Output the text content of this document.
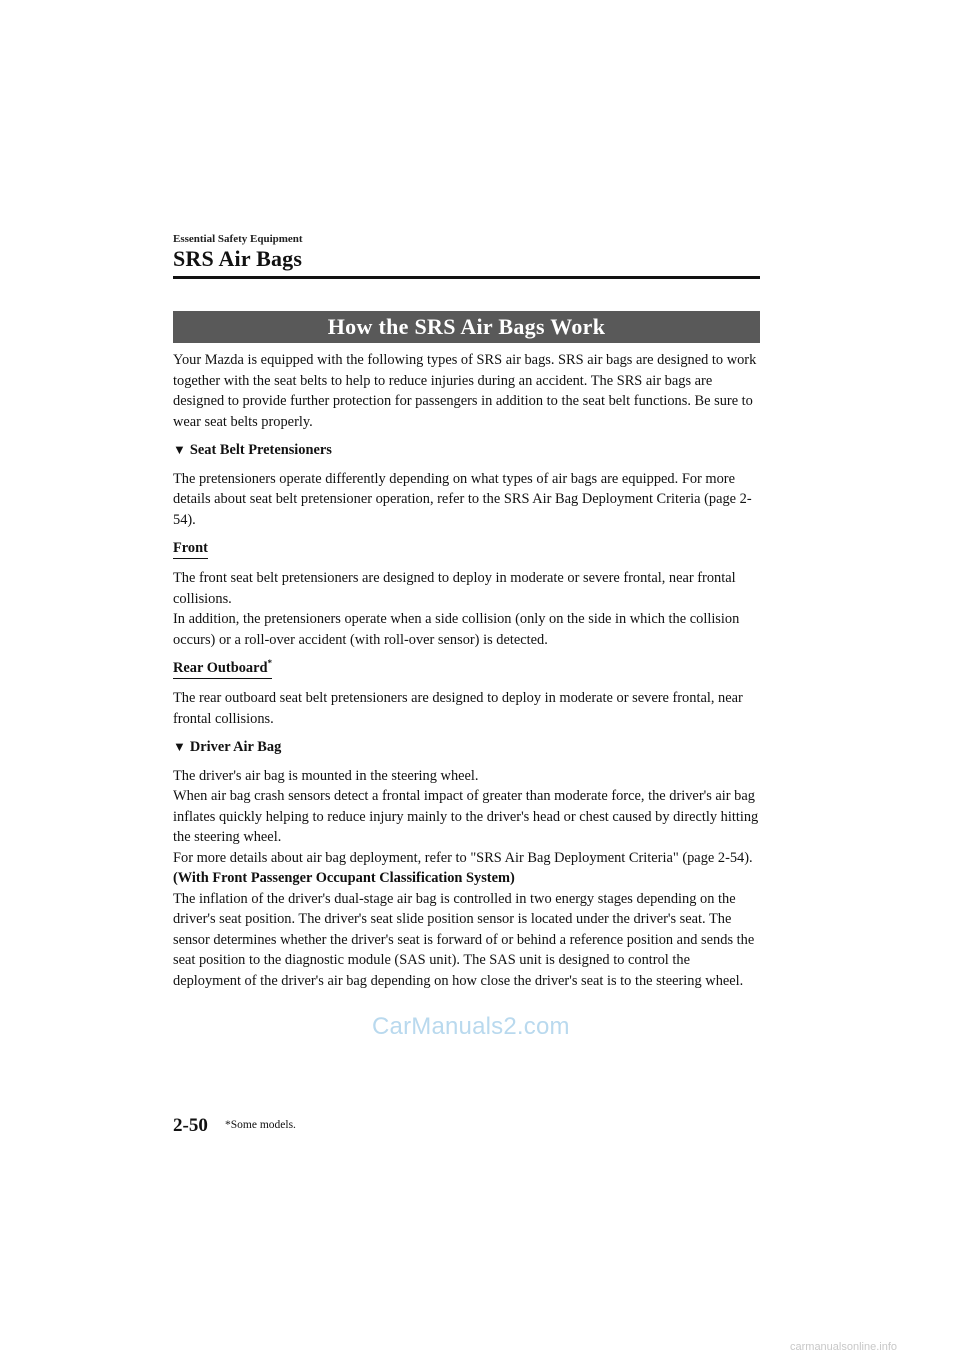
Essential Safety Equipment
SRS Air Bags
How the SRS Air Bags Work

Your Mazda is equipped with the following types of SRS air bags. SRS air bags are designed to work together with the seat belts to help to reduce injuries during an accident. The SRS air bags are designed to provide further protection for passengers in addition to the seat belt functions. Be sure to wear seat belts properly.

▼ Seat Belt Pretensioners

The pretensioners operate differently depending on what types of air bags are equipped. For more details about seat belt pretensioner operation, refer to the SRS Air Bag Deployment Criteria (page 2-54).

Front

The front seat belt pretensioners are designed to deploy in moderate or severe frontal, near frontal collisions.
In addition, the pretensioners operate when a side collision (only on the side in which the collision occurs) or a roll-over accident (with roll-over sensor) is detected.

Rear Outboard*

The rear outboard seat belt pretensioners are designed to deploy in moderate or severe frontal, near frontal collisions.

▼ Driver Air Bag

The driver's air bag is mounted in the steering wheel.
When air bag crash sensors detect a frontal impact of greater than moderate force, the driver's air bag inflates quickly helping to reduce injury mainly to the driver's head or chest caused by directly hitting the steering wheel.
For more details about air bag deployment, refer to "SRS Air Bag Deployment Criteria" (page 2-54).
(With Front Passenger Occupant Classification System)
The inflation of the driver's dual-stage air bag is controlled in two energy stages depending on the driver's seat position. The driver's seat slide position sensor is located under the driver's seat. The sensor determines whether the driver's seat is forward of or behind a reference position and sends the seat position to the diagnostic module (SAS unit). The SAS unit is designed to control the deployment of the driver's air bag depending on how close the driver's seat is to the steering wheel.

CarManuals2.com
2-50 *Some models.
carmanualsonline.info
